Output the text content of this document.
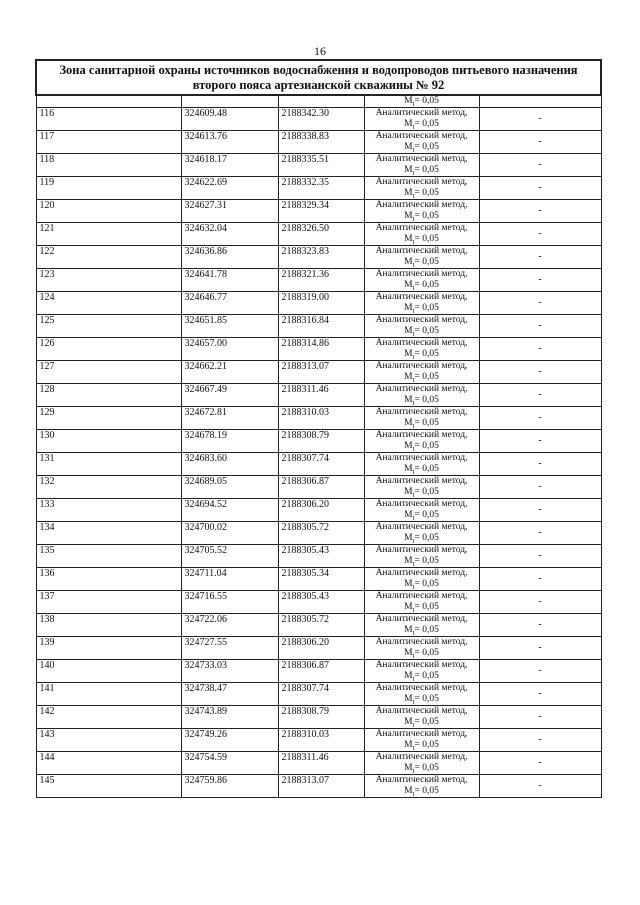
16
Зона санитарной охраны источников водоснабжения и водопроводов питьевого назначения
второго пояса артезианской скважины № 92				

			$M_t= 0,05$	

116	324609.48	2188342.30	Аналитический метод,
$M_t= 0,05$	-
117	324613.76	2188338.83	Аналитический метод,
$M_t= 0,05$	-
118	324618.17	2188335.51	Аналитический метод,
$M_t= 0,05$	-
119	324622.69	2188332.35	Аналитический метод,
$M_t= 0,05$	-
120	324627.31	2188329.34	Аналитический метод,
$M_t= 0,05$	-
121	324632.04	2188326.50	Аналитический метод,
$M_t= 0,05$	-
122	324636.86	2188323.83	Аналитический метод,
$M_t= 0,05$	-
123	324641.78	2188321.36	Аналитический метод,
$M_t= 0,05$	-
124	324646.77	2188319.00	Аналитический метод,
$M_t= 0,05$	-
125	324651.85	2188316.84	Аналитический метод,
$M_t= 0,05$	-
126	324657.00	2188314.86	Аналитический метод,
$M_t= 0,05$	-
127	324662.21	2188313.07	Аналитический метод,
$M_t= 0,05$	-
128	324667.49	2188311.46	Аналитический метод,
$M_t= 0,05$	-
129	324672.81	2188310.03	Аналитический метод,
$M_t= 0,05$	-
130	324678.19	2188308.79	Аналитический метод,
$M_t= 0,05$	-
131	324683.60	2188307.74	Аналитический метод,
$M_t= 0,05$	-
132	324689.05	2188306.87	Аналитический метод,
$M_t= 0,05$	-
133	324694.52	2188306.20	Аналитический метод,
$M_t= 0,05$	-
134	324700.02	2188305.72	Аналитический метод,
$M_t= 0,05$	-
135	324705.52	2188305.43	Аналитический метод,
$M_t= 0,05$	-
136	324711.04	2188305.34	Аналитический метод,
$M_t= 0,05$	-
137	324716.55	2188305.43	Аналитический метод,
$M_t= 0,05$	-
138	324722.06	2188305.72	Аналитический метод,
$M_t= 0,05$	-
139	324727.55	2188306.20	Аналитический метод,
$M_t= 0,05$	-
140	324733.03	2188306.87	Аналитический метод,
$M_t= 0,05$	-
141	324738.47	2188307.74	Аналитический метод,
$M_t= 0,05$	-
142	324743.89	2188308.79	Аналитический метод,
$M_t= 0,05$	-
143	324749.26	2188310.03	Аналитический метод,
$M_t= 0,05$	-
144	324754.59	2188311.46	Аналитический метод,
$M_t= 0,05$	-
145	324759.86	2188313.07	Аналитический метод,
$M_t= 0,05$	-
